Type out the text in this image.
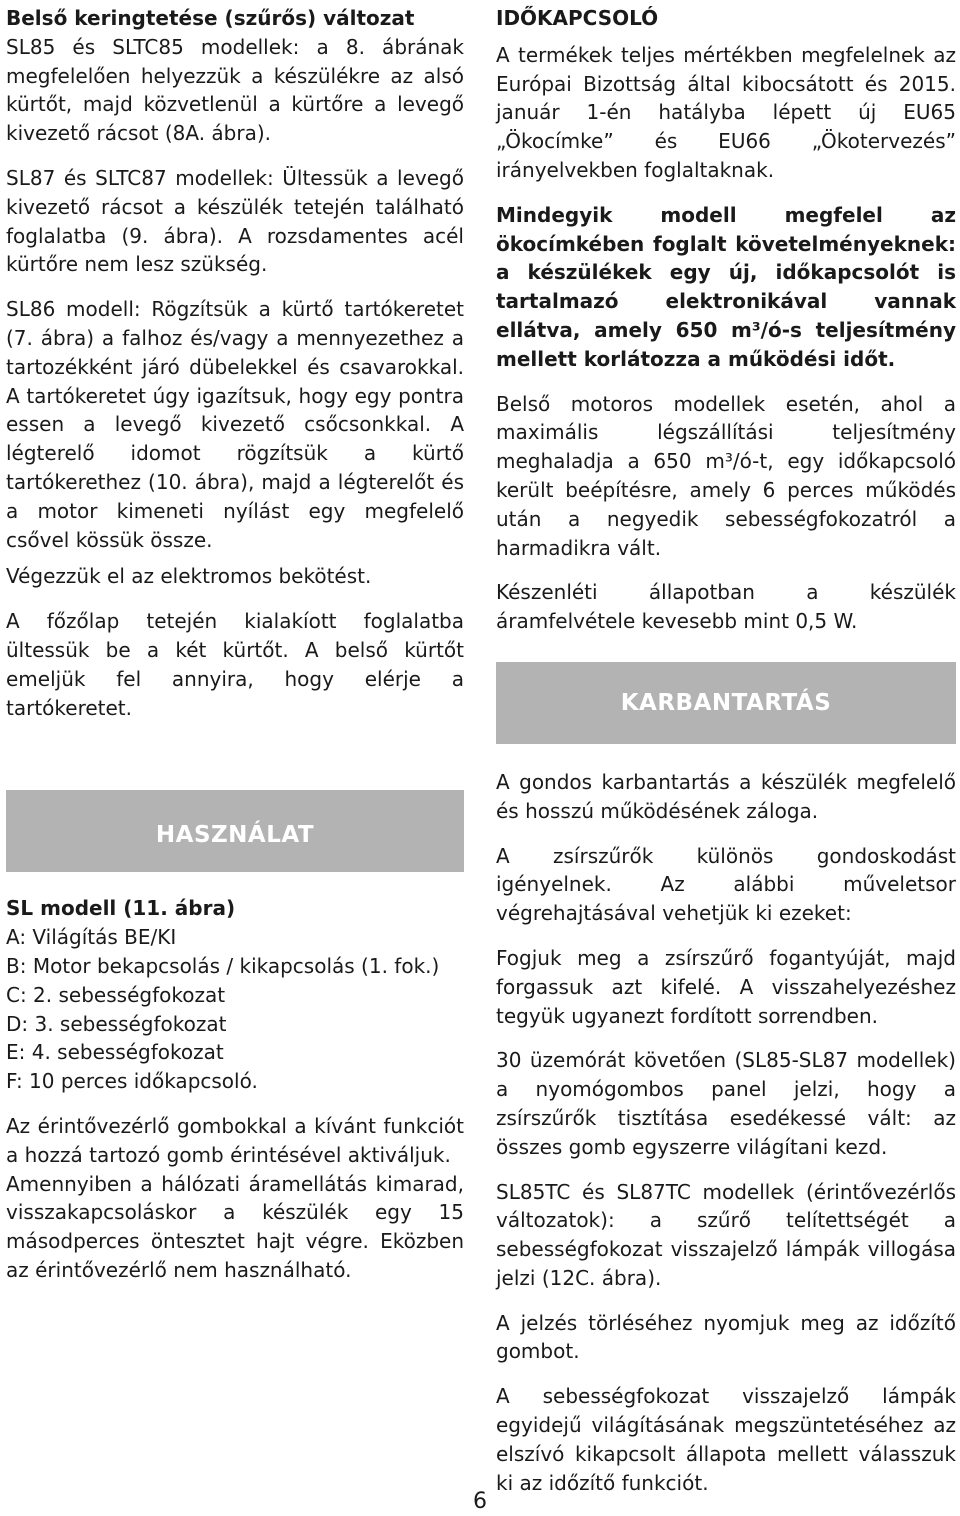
Belső keringtetése (szűrős) változat

SL85 és SLTC85 modellek: a 8. ábrának megfelelően helyezzük a készülékre az alsó kürtőt, majd közvetlenül a kürtőre a levegő kivezető rácsot (8A. ábra).

SL87 és SLTC87 modellek: Ültessük a levegő kivezető rácsot a készülék tetején található foglalatba (9. ábra). A rozsdamentes acél kürtőre nem lesz szükség.

SL86 modell: Rögzítsük a kürtő tartókeretet (7. ábra) a falhoz és/vagy a mennyezethez a tartozékként járó dübelekkel és csavarokkal. A tartókeretet úgy igazítsuk, hogy egy pontra essen a levegő kivezető csőcsonkkal. A légterelő idomot rögzítsük a kürtő tartókerethez (10. ábra), majd a légterelőt és a motor kimeneti nyílást egy megfelelő csővel kössük össze.

Végezzük el az elektromos bekötést.

A főzőlap tetején kialakíott foglalatba ültessük be a két kürtőt. A belső kürtőt emeljük fel annyira, hogy elérje a tartókeretet.

HASZNÁLAT

SL modell (11. ábra)

A: Világítás BE/KI

B: Motor bekapcsolás / kikapcsolás (1. fok.)

C: 2. sebességfokozat

D: 3. sebességfokozat

E: 4. sebességfokozat

F: 10 perces időkapcsoló.

Az érintővezérlő gombokkal a kívánt funkciót a hozzá tartozó gomb érintésével aktiváljuk.

Amennyiben a hálózati áramellátás kimarad, visszakapcsoláskor a készülék egy 15 másodperces öntesztet hajt végre. Eközben az érintővezérlő nem használható.

IDŐKAPCSOLÓ

A termékek teljes mértékben megfelelnek az Európai Bizottság által kibocsátott és 2015. január 1-én hatályba lépett új EU65 „Ökocímke” és EU66 „Ökotervezés” irányelvekben foglaltaknak.

Mindegyik modell megfelel az ökocímkében foglalt követelményeknek: a készülékek egy új, időkapcsolót is tartalmazó elektronikával vannak ellátva, amely 650 m³/ó-s teljesítmény mellett korlátozza a működési időt.

Belső motoros modellek esetén, ahol a maximális légszállítási teljesítmény meghaladja a 650 m³/ó-t, egy időkapcsoló került beépítésre, amely 6 perces működés után a negyedik sebességfokozatról a harmadikra vált.

Készenléti állapotban a készülék áramfelvétele kevesebb mint 0,5 W.

KARBANTARTÁS

A gondos karbantartás a készülék megfelelő és hosszú működésének záloga.

A zsírszűrők különös gondoskodást igényelnek. Az alábbi műveletsor végrehajtásával vehetjük ki ezeket:

Fogjuk meg a zsírszűrő fogantyúját, majd forgassuk azt kifelé. A visszahelyezéshez tegyük ugyanezt fordított sorrendben.

30 üzemórát követően (SL85-SL87 modellek) a nyomógombos panel jelzi, hogy a zsírszűrők tisztítása esedékessé vált: az összes gomb egyszerre világítani kezd.

SL85TC és SL87TC modellek (érintővezérlős változatok): a szűrő telítettségét a sebességfokozat visszajelző lámpák villogása jelzi (12C. ábra).

A jelzés törléséhez nyomjuk meg az időzítő gombot.

A sebességfokozat visszajelző lámpák egyidejű világításának megszüntetéséhez az elszívó kikapcsolt állapota mellett válasszuk ki az időzítő funkciót.

6
